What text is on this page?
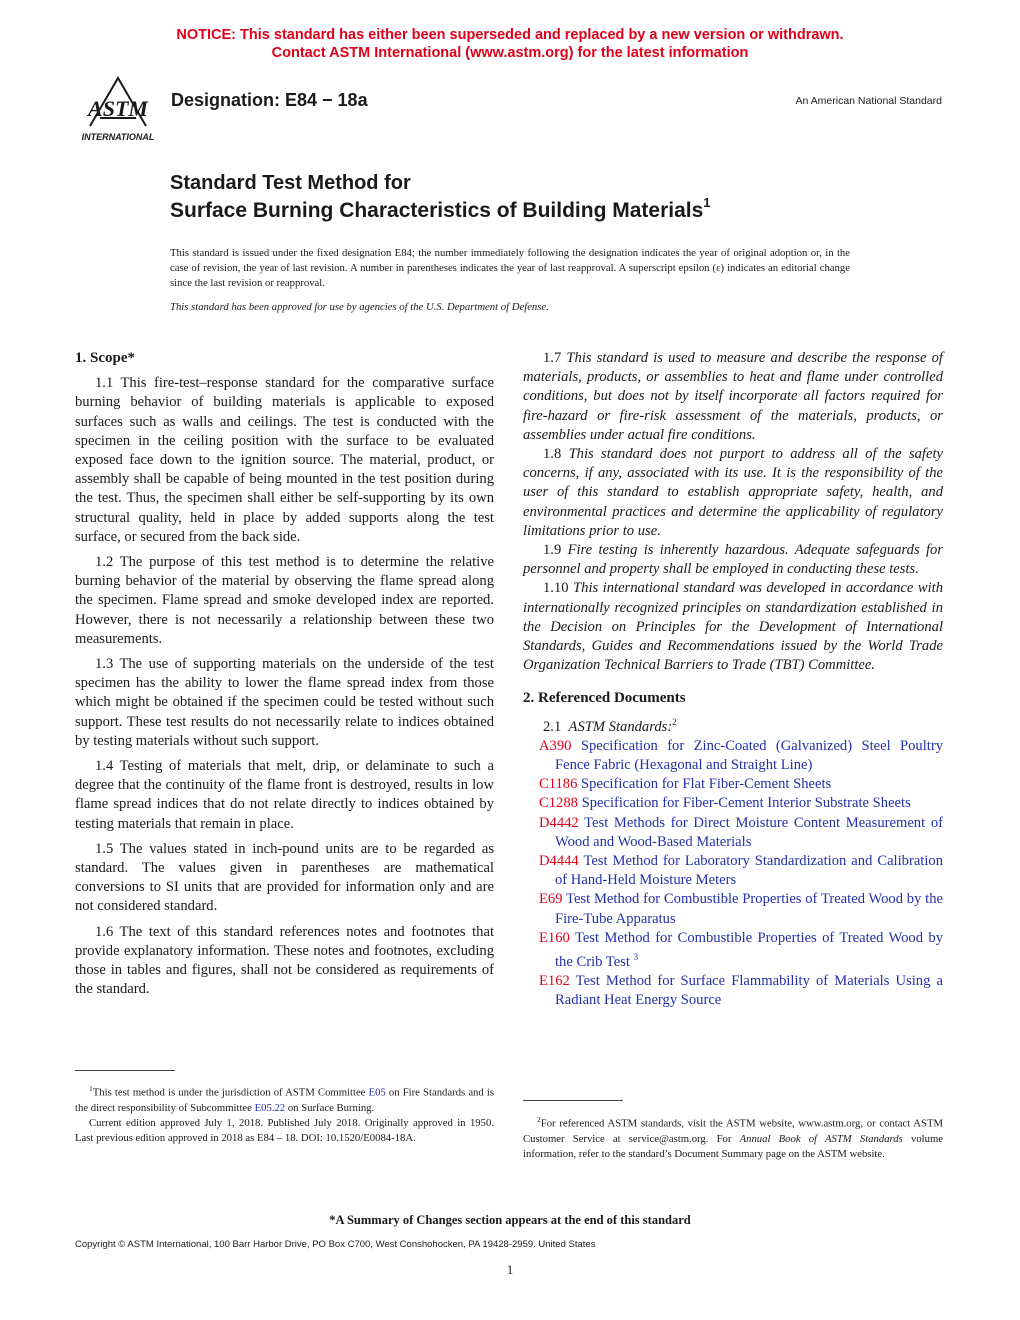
NOTICE: This standard has either been superseded and replaced by a new version or withdrawn.
Contact ASTM International (www.astm.org) for the latest information
ASTM
INTERNATIONAL
Designation: E84 − 18a	An American National Standard
Standard Test Method for
Surface Burning Characteristics of Building Materials$^1$
This standard is issued under the fixed designation E84; the number immediately following the designation indicates the year of original adoption or, in the case of revision, the year of last revision. A number in parentheses indicates the year of last reapproval. A superscript epsilon (ε) indicates an editorial change since the last revision or reapproval.
This standard has been approved for use by agencies of the U.S. Department of Defense.
1. Scope*

1.1 This fire-test–response standard for the comparative surface burning behavior of building materials is applicable to exposed surfaces such as walls and ceilings. The test is conducted with the specimen in the ceiling position with the surface to be evaluated exposed face down to the ignition source. The material, product, or assembly shall be capable of being mounted in the test position during the test. Thus, the specimen shall either be self-supporting by its own structural quality, held in place by added supports along the test surface, or secured from the back side.

1.2 The purpose of this test method is to determine the relative burning behavior of the material by observing the flame spread along the specimen. Flame spread and smoke developed index are reported. However, there is not necessarily a relationship between these two measurements.

1.3 The use of supporting materials on the underside of the test specimen has the ability to lower the flame spread index from those which might be obtained if the specimen could be tested without such support. These test results do not necessarily relate to indices obtained by testing materials without such support.

1.4 Testing of materials that melt, drip, or delaminate to such a degree that the continuity of the flame front is destroyed, results in low flame spread indices that do not relate directly to indices obtained by testing materials that remain in place.

1.5 The values stated in inch-pound units are to be regarded as standard. The values given in parentheses are mathematical conversions to SI units that are provided for information only and are not considered standard.

1.6 The text of this standard references notes and footnotes that provide explanatory information. These notes and footnotes, excluding those in tables and figures, shall not be considered as requirements of the standard.

1.7 This standard is used to measure and describe the response of materials, products, or assemblies to heat and flame under controlled conditions, but does not by itself incorporate all factors required for fire-hazard or fire-risk assessment of the materials, products, or assemblies under actual fire conditions.

1.8 This standard does not purport to address all of the safety concerns, if any, associated with its use. It is the responsibility of the user of this standard to establish appropriate safety, health, and environmental practices and determine the applicability of regulatory limitations prior to use.

1.9 Fire testing is inherently hazardous. Adequate safeguards for personnel and property shall be employed in conducting these tests.

1.10 This international standard was developed in accordance with internationally recognized principles on standardization established in the Decision on Principles for the Development of International Standards, Guides and Recommendations issued by the World Trade Organization Technical Barriers to Trade (TBT) Committee.

2. Referenced Documents
2.1 ASTM Standards:$^2$

A390 Specification for Zinc-Coated (Galvanized) Steel Poultry Fence Fabric (Hexagonal and Straight Line)

C1186 Specification for Flat Fiber-Cement Sheets

C1288 Specification for Fiber-Cement Interior Substrate Sheets

D4442 Test Methods for Direct Moisture Content Measurement of Wood and Wood-Based Materials

D4444 Test Method for Laboratory Standardization and Calibration of Hand-Held Moisture Meters

E69 Test Method for Combustible Properties of Treated Wood by the Fire-Tube Apparatus

E160 Test Method for Combustible Properties of Treated Wood by the Crib Test $^3$

E162 Test Method for Surface Flammability of Materials Using a Radiant Heat Energy Source

$^1$This test method is under the jurisdiction of ASTM Committee E05 on Fire Standards and is the direct responsibility of Subcommittee E05.22 on Surface Burning.

Current edition approved July 1, 2018. Published July 2018. Originally approved in 1950. Last previous edition approved in 2018 as E84 – 18. DOI: 10.1520/E0084-18A.

$^2$For referenced ASTM standards, visit the ASTM website, www.astm.org, or contact ASTM Customer Service at service@astm.org. For Annual Book of ASTM Standards volume information, refer to the standard’s Document Summary page on the ASTM website.

*A Summary of Changes section appears at the end of this standard
Copyright © ASTM International, 100 Barr Harbor Drive, PO Box C700, West Conshohocken, PA 19428-2959. United States
1
